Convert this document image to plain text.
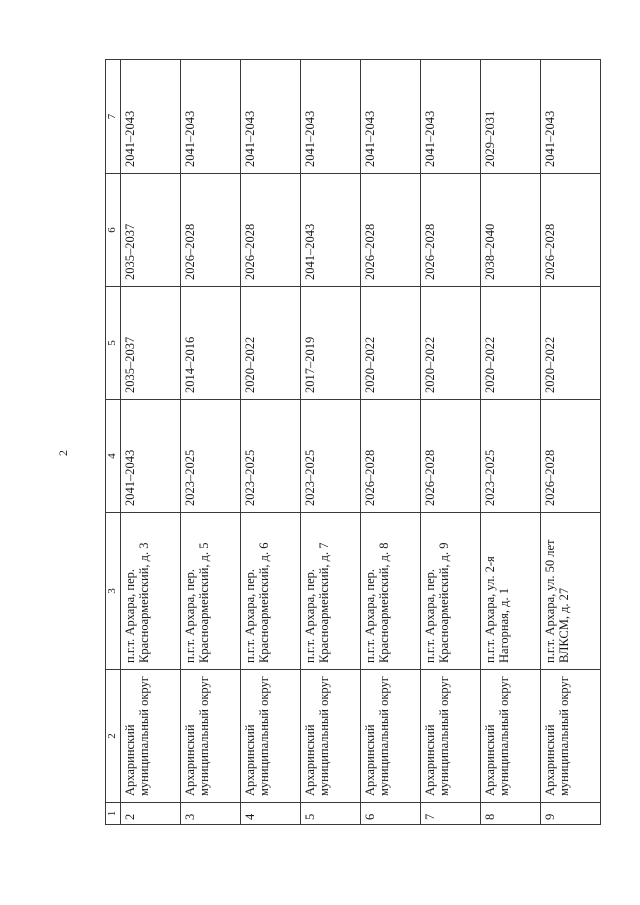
2
1	2	3	4	5	6	7
2	Архаринский муниципальный округ	п.г.т. Архара, пер. Красноармейский, д. 3	2041–2043	2035–2037	2035–2037	2041–2043
3	Архаринский муниципальный округ	п.г.т. Архара, пер. Красноармейский, д. 5	2023–2025	2014–2016	2026–2028	2041–2043
4	Архаринский муниципальный округ	п.г.т. Архара, пер. Красноармейский, д. 6	2023–2025	2020–2022	2026–2028	2041–2043
5	Архаринский муниципальный округ	п.г.т. Архара, пер. Красноармейский, д. 7	2023–2025	2017–2019	2041–2043	2041–2043
6	Архаринский муниципальный округ	п.г.т. Архара, пер. Красноармейский, д. 8	2026–2028	2020–2022	2026–2028	2041–2043
7	Архаринский муниципальный округ	п.г.т. Архара, пер. Красноармейский, д. 9	2026–2028	2020–2022	2026–2028	2041–2043
8	Архаринский муниципальный округ	п.г.т. Архара, ул. 2-я Нагорная, д. 1	2023–2025	2020–2022	2038–2040	2029–2031
9	Архаринский муниципальный округ	п.г.т. Архара, ул. 50 лет ВЛКСМ, д. 27	2026–2028	2020–2022	2026–2028	2041–2043
